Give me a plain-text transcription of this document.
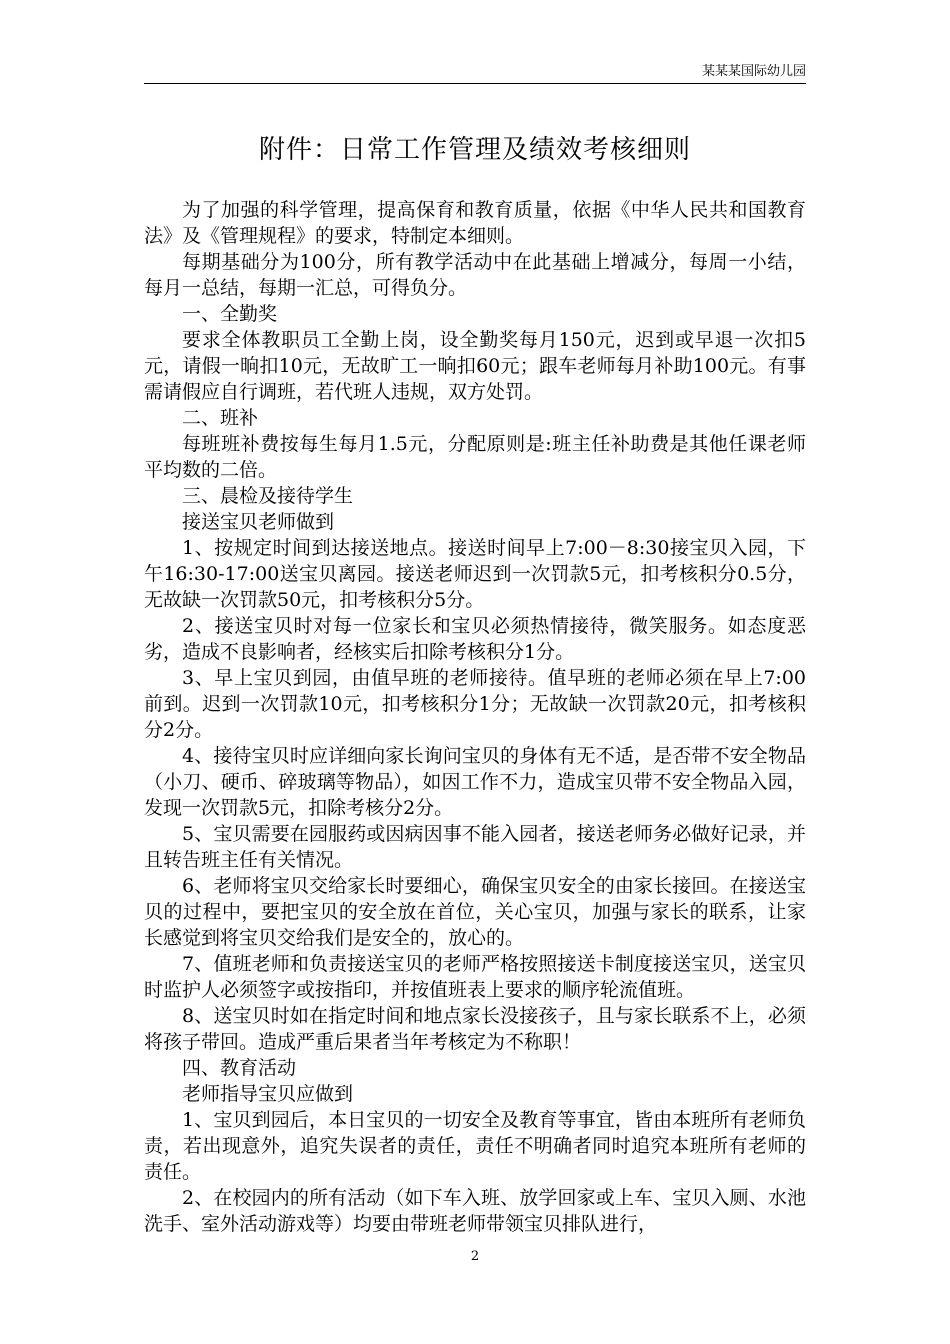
某某某国际幼儿园
附件：日常工作管理及绩效考核细则

为了加强的科学管理，提高保育和教育质量，依据《中华人民共和国教育法》及《管理规程》的要求，特制定本细则。

每期基础分为100分，所有教学活动中在此基础上增减分，每周一小结，每月一总结，每期一汇总，可得负分。

一、全勤奖

要求全体教职员工全勤上岗，设全勤奖每月150元，迟到或早退一次扣5元，请假一晌扣10元，无故旷工一晌扣60元；跟车老师每月补助100元。有事需请假应自行调班，若代班人违规，双方处罚。

二、班补

每班班补费按每生每月1.5元，分配原则是:班主任补助费是其他任课老师平均数的二倍。

三、晨检及接待学生

接送宝贝老师做到

1、按规定时间到达接送地点。接送时间早上7:00－8:30接宝贝入园，下午16:30-17:00送宝贝离园。接送老师迟到一次罚款5元，扣考核积分0.5分，无故缺一次罚款50元，扣考核积分5分。

2、接送宝贝时对每一位家长和宝贝必须热情接待，微笑服务。如态度恶劣，造成不良影响者，经核实后扣除考核积分1分。

3、早上宝贝到园，由值早班的老师接待。值早班的老师必须在早上7:00前到。迟到一次罚款10元，扣考核积分1分；无故缺一次罚款20元，扣考核积分2分。

4、接待宝贝时应详细向家长询问宝贝的身体有无不适，是否带不安全物品（小刀、硬币、碎玻璃等物品），如因工作不力，造成宝贝带不安全物品入园，发现一次罚款5元，扣除考核分2分。

5、宝贝需要在园服药或因病因事不能入园者，接送老师务必做好记录，并且转告班主任有关情况。

6、老师将宝贝交给家长时要细心，确保宝贝安全的由家长接回。在接送宝贝的过程中，要把宝贝的安全放在首位，关心宝贝，加强与家长的联系，让家长感觉到将宝贝交给我们是安全的，放心的。

7、值班老师和负责接送宝贝的老师严格按照接送卡制度接送宝贝，送宝贝时监护人必须签字或按指印，并按值班表上要求的顺序轮流值班。

8、送宝贝时如在指定时间和地点家长没接孩子，且与家长联系不上，必须将孩子带回。造成严重后果者当年考核定为不称职！

四、教育活动

老师指导宝贝应做到

1、宝贝到园后，本日宝贝的一切安全及教育等事宜，皆由本班所有老师负责，若出现意外，追究失误者的责任，责任不明确者同时追究本班所有老师的责任。

2、在校园内的所有活动（如下车入班、放学回家或上车、宝贝入厕、水池洗手、室外活动游戏等）均要由带班老师带领宝贝排队进行，

2
